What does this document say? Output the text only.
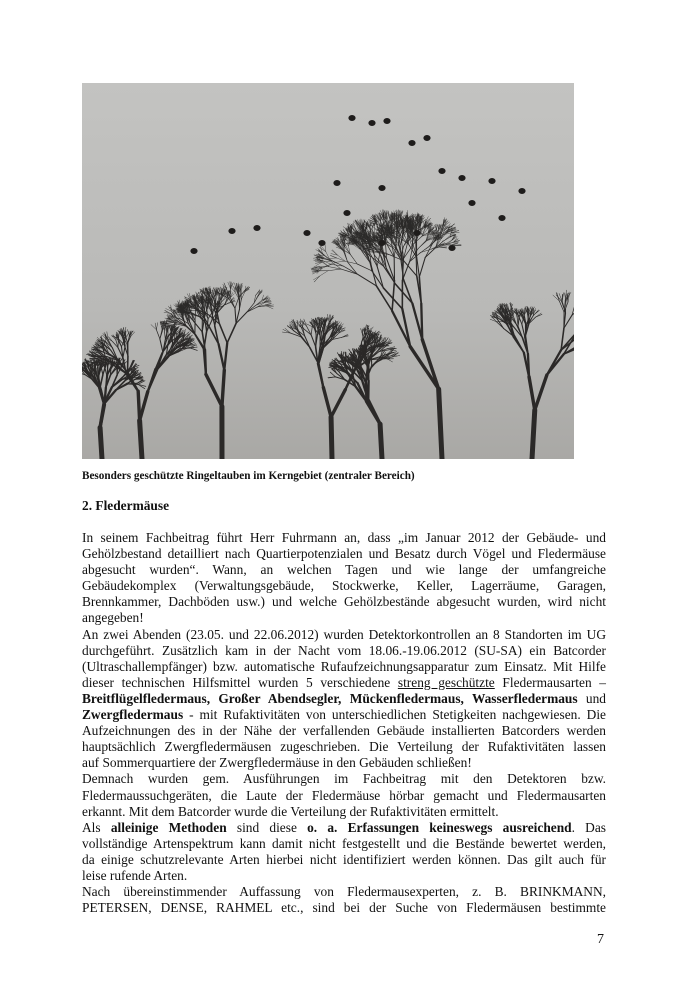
Besonders geschützte Ringeltauben im Kerngebiet (zentraler Bereich)
2. Fledermäuse
In seinem Fachbeitrag führt Herr Fuhrmann an, dass „im Januar 2012 der Gebäude- und
Gehölzbestand detailliert nach Quartierpotenzialen und Besatz durch Vögel und Fledermäuse
abgesucht wurden“. Wann, an welchen Tagen und wie lange der umfangreiche
Gebäudekomplex (Verwaltungsgebäude, Stockwerke, Keller, Lagerräume, Garagen,
Brennkammer, Dachböden usw.) und welche Gehölzbestände abgesucht wurden, wird nicht
angegeben!
An zwei Abenden (23.05. und 22.06.2012) wurden Detektorkontrollen an 8 Standorten im UG
durchgeführt. Zusätzlich kam in der Nacht vom 18.06.-19.06.2012 (SU-SA) ein Batcorder
(Ultraschallempfänger) bzw. automatische Rufaufzeichnungsapparatur zum Einsatz. Mit Hilfe
dieser technischen Hilfsmittel wurden 5 verschiedene streng geschützte Fledermausarten –
Breitflügelfledermaus, Großer Abendsegler, Mückenfledermaus, Wasserfledermaus und
Zwergfledermaus - mit Rufaktivitäten von unterschiedlichen Stetigkeiten nachgewiesen. Die
Aufzeichnungen des in der Nähe der verfallenden Gebäude installierten Batcorders werden
hauptsächlich Zwergfledermäusen zugeschrieben. Die Verteilung der Rufaktivitäten lassen
auf Sommerquartiere der Zwergfledermäuse in den Gebäuden schließen!
Demnach wurden gem. Ausführungen im Fachbeitrag mit den Detektoren bzw.
Fledermaussuchgeräten, die Laute der Fledermäuse hörbar gemacht und Fledermausarten
erkannt. Mit dem Batcorder wurde die Verteilung der Rufaktivitäten ermittelt.
Als alleinige Methoden sind diese o. a. Erfassungen keineswegs ausreichend. Das
vollständige Artenspektrum kann damit nicht festgestellt und die Bestände bewertet werden,
da einige schutzrelevante Arten hierbei nicht identifiziert werden können. Das gilt auch für
leise rufende Arten.
Nach übereinstimmender Auffassung von Fledermausexperten, z. B. BRINKMANN,
PETERSEN, DENSE, RAHMEL etc., sind bei der Suche von Fledermäusen bestimmte
7
